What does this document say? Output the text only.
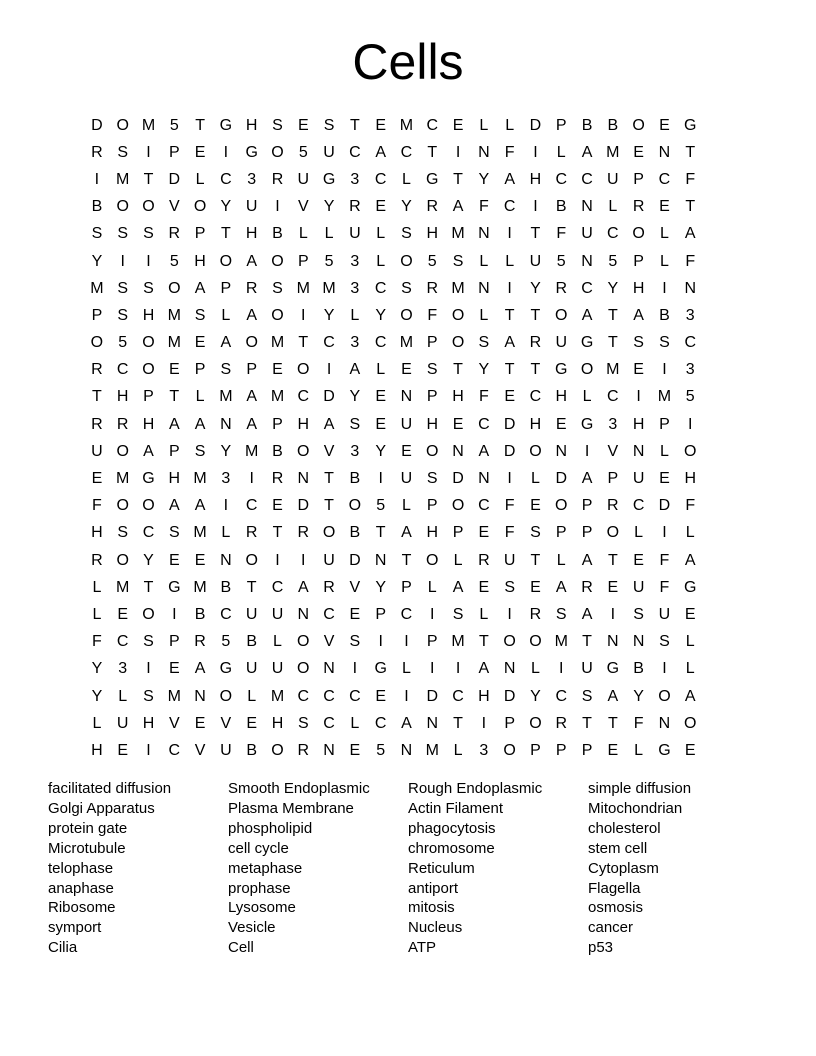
Cells
D O M 5	T G H S E S T E M C E	L	L D P B B O E G
R S	I	P E	I	G O 5 U C A C T	I	N F	I	L	A M E N T
I	M T D L C 3 R U G 3 C L G T Y A H C C U P C F
B O O V O Y U	I	V Y R E Y R A F C	I	B N L R E T
S S S R P T H B	L	L U L	S H M N	I	T	F U C O L	A
Y	I	I	5 H O A O P	5	3	L O 5	S	L	L U 5 N 5	P	L	F
M S S O A P R S M M 3 C S R M N	I	Y R C Y H	I	N
P S H M S	L	A O	I	Y	L	Y O F O L	T	T O A T A B	3
O 5 O M E A O M T C 3 C M P O S A R U G T S S C
R C O E P S P E O	I	A	L	E S T Y T	T G O M E	I	3
T H P T	L M A M C D Y E N P H F E C H L C	I	M 5
R R H A A N A P H A S E U H E C D H E G 3 H P	I
U O A P S Y M B O V	3	Y E O N A D O N	I	V N L O
E M G H M 3	I	R N T B	I	U S D N	I	L D A P U E H
F O O A A	I	C E D T O 5	L	P O C F E O P R C D F
H S C S M L R T R O B T A H P E F S P P O L	I	L
R O Y E E N O	I	I	U D N T O L R U T	L	A T E F A
L M T G M B T C A R V Y P	L	A E S E A R E U F G
L	E O	I	B C U U N C E P C	I	S	L	I	R S A	I	S U E
F C S P R 5	B	L O V S	I	I	P M T O O M T N N S	L
Y	3	I	E A G U U O N	I	G L	I	I	A N L	I	U G B	I	L
Y	L	S M N O L M C C C E	I	D C H D Y C S A Y O A
L U H V E V E H S C L C A N T	I	P O R T	T	F N O
H E	I	C V U B O R N E	5 N M L	3 O P P P E	L G E
facilitated diffusion
Golgi Apparatus
protein gate
Microtubule
telophase
anaphase
Ribosome
symport
Cilia
Smooth Endoplasmic
Plasma Membrane
phospholipid
cell cycle
metaphase
prophase
Lysosome
Vesicle
Cell
Rough Endoplasmic
Actin Filament
phagocytosis
chromosome
Reticulum
antiport
mitosis
Nucleus
ATP
simple diffusion
Mitochondrian
cholesterol
stem cell
Cytoplasm
Flagella
osmosis
cancer
p53
